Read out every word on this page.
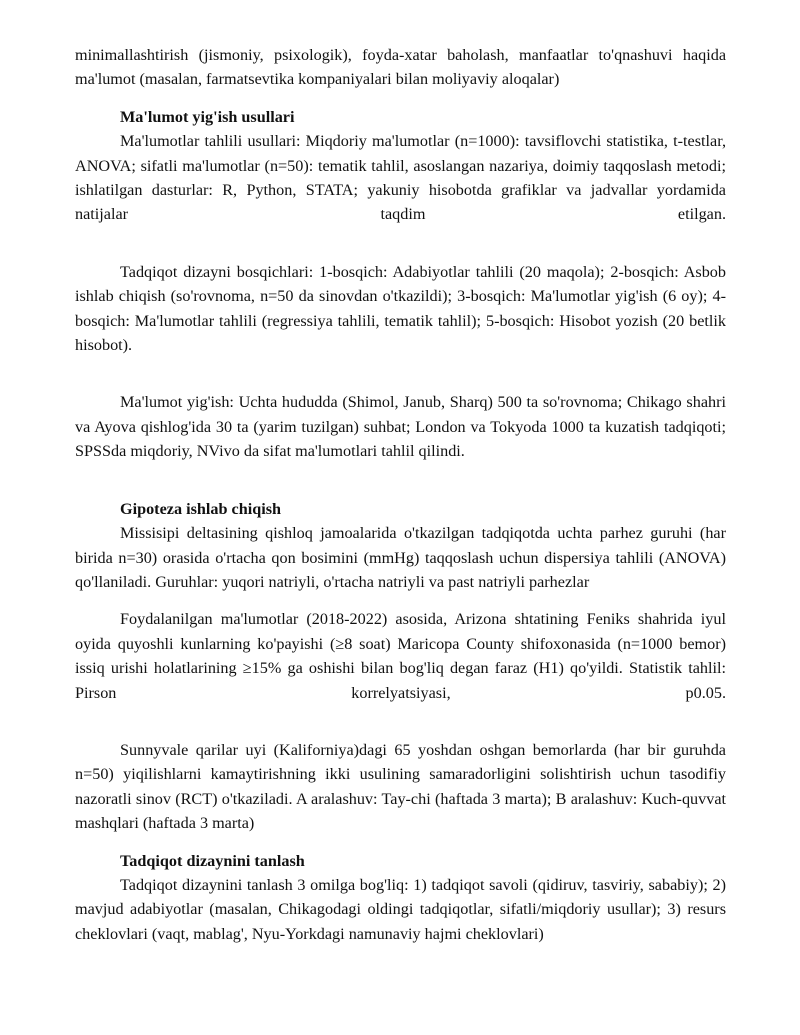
minimallashtirish (jismoniy, psixologik), foyda-xatar baholash, manfaatlar to'qnashuvi haqida ma'lumot (masalan, farmatsevtika kompaniyalari bilan moliyaviy aloqalar)

Ma'lumot yig'ish usullari

Ma'lumotlar tahlili usullari: Miqdoriy ma'lumotlar (n=1000): tavsiflovchi statistika, t-testlar, ANOVA; sifatli ma'lumotlar (n=50): tematik tahlil, asoslangan nazariya, doimiy taqqoslash metodi; ishlatilgan dasturlar: R, Python, STATA; yakuniy hisobotda grafiklar va jadvallar yordamida natijalar taqdim etilgan.

Tadqiqot dizayni bosqichlari: 1-bosqich: Adabiyotlar tahlili (20 maqola); 2-bosqich: Asbob ishlab chiqish (so'rovnoma, n=50 da sinovdan o'tkazildi); 3-bosqich: Ma'lumotlar yig'ish (6 oy); 4-bosqich: Ma'lumotlar tahlili (regressiya tahlili, tematik tahlil); 5-bosqich: Hisobot yozish (20 betlik hisobot).

Ma'lumot yig'ish: Uchta hududda (Shimol, Janub, Sharq) 500 ta so'rovnoma; Chikago shahri va Ayova qishlog'ida 30 ta (yarim tuzilgan) suhbat; London va Tokyoda 1000 ta kuzatish tadqiqoti; SPSSda miqdoriy, NVivo da sifat ma'lumotlari tahlil qilindi.

Gipoteza ishlab chiqish

Missisipi deltasining qishloq jamoalarida o'tkazilgan tadqiqotda uchta parhez guruhi (har birida n=30) orasida o'rtacha qon bosimini (mmHg) taqqoslash uchun dispersiya tahlili (ANOVA) qo'llaniladi. Guruhlar: yuqori natriyli, o'rtacha natriyli va past natriyli parhezlar

Foydalanilgan ma'lumotlar (2018-2022) asosida, Arizona shtatining Feniks shahrida iyul oyida quyoshli kunlarning ko'payishi (≥8 soat) Maricopa County shifoxonasida (n=1000 bemor) issiq urishi holatlarining ≥15% ga oshishi bilan bog'liq degan faraz (H1) qo'yildi. Statistik tahlil: Pirson korrelyatsiyasi, p0.05.

Sunnyvale qarilar uyi (Kaliforniya)dagi 65 yoshdan oshgan bemorlarda (har bir guruhda n=50) yiqilishlarni kamaytirishning ikki usulining samaradorligini solishtirish uchun tasodifiy nazoratli sinov (RCT) o'tkaziladi. A aralashuv: Tay-chi (haftada 3 marta); B aralashuv: Kuch-quvvat mashqlari (haftada 3 marta)

Tadqiqot dizaynini tanlash

Tadqiqot dizaynini tanlash 3 omilga bog'liq: 1) tadqiqot savoli (qidiruv, tasviriy, sababiy); 2) mavjud adabiyotlar (masalan, Chikagodagi oldingi tadqiqotlar, sifatli/miqdoriy usullar); 3) resurs cheklovlari (vaqt, mablag', Nyu-Yorkdagi namunaviy hajmi cheklovlari)
